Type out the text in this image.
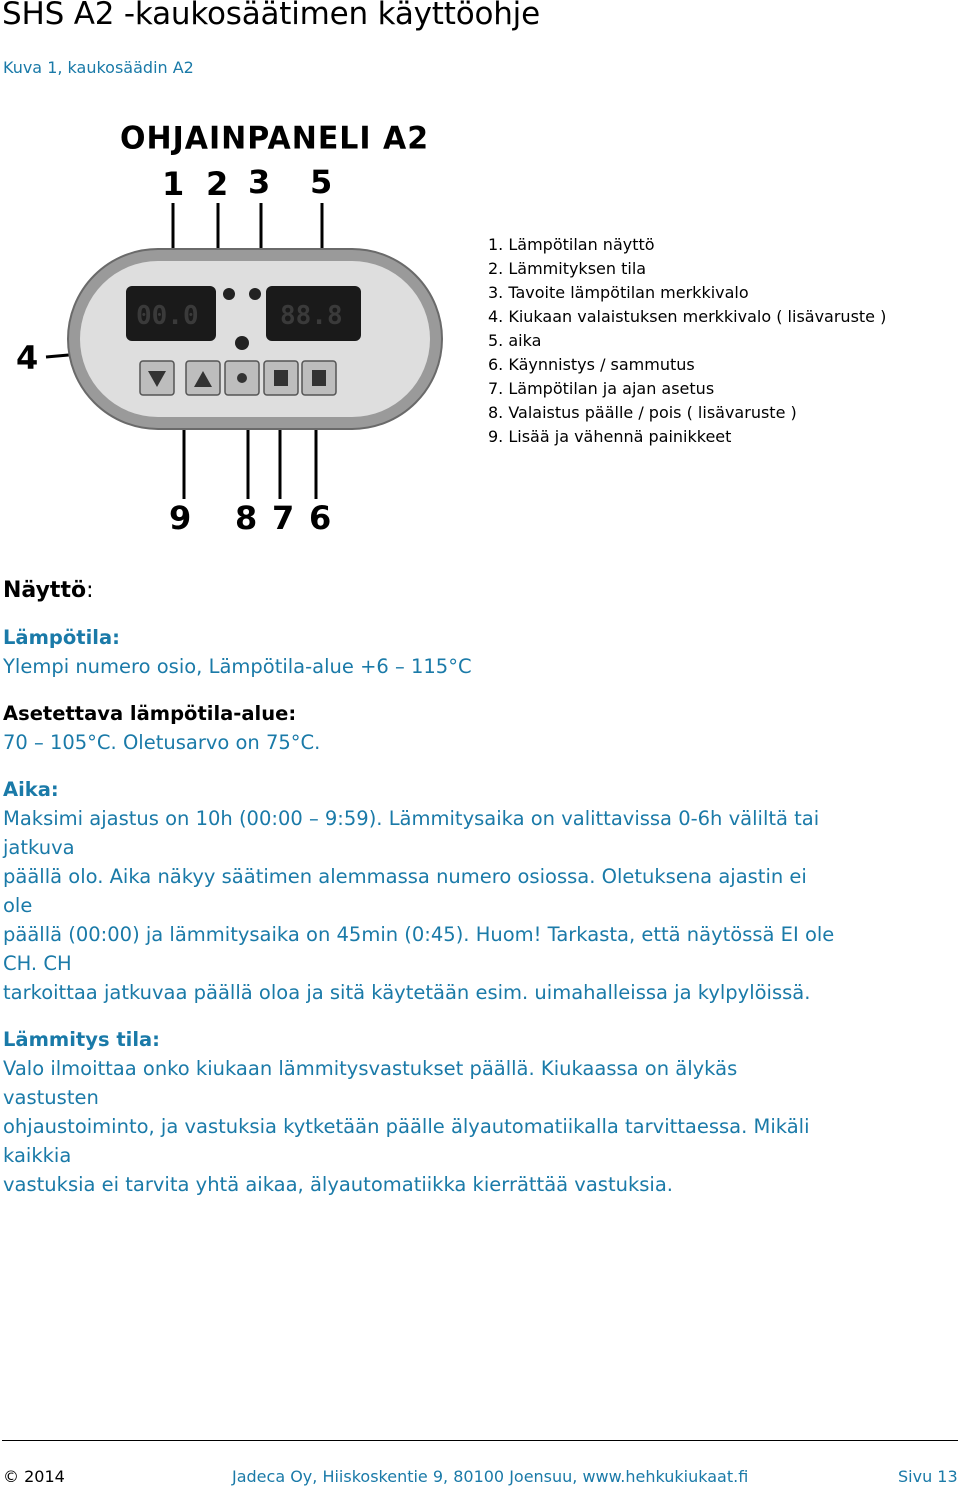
SHS A2 -kaukosäätimen käyttöohje
Kuva 1, kaukosäädin A2
OHJAINPANELI A2
1 2 3 5
4
9 8 7 6
00.0	88.8
1. Lämpötilan näyttö
2. Lämmityksen tila
3. Tavoite lämpötilan merkkivalo
4. Kiukaan valaistuksen merkkivalo ( lisävaruste )
5. aika
6. Käynnistys / sammutus
7. Lämpötilan ja ajan asetus
8. Valaistus päälle / pois ( lisävaruste )
9. Lisää ja vähennä painikkeet

Näyttö:

Lämpötila:

Ylempi numero osio, Lämpötila-alue +6 – 115°C

Asetettava lämpötila-alue:

70 – 105°C. Oletusarvo on 75°C.

Aika:

Maksimi ajastus on 10h (00:00 – 9:59). Lämmitysaika on valittavissa 0-6h väliltä tai

jatkuva

päällä olo. Aika näkyy säätimen alemmassa numero osiossa. Oletuksena ajastin ei

ole

päällä (00:00) ja lämmitysaika on 45min (0:45). Huom! Tarkasta, että näytössä EI ole

CH. CH

tarkoittaa jatkuvaa päällä oloa ja sitä käytetään esim. uimahalleissa ja kylpylöissä.

Lämmitys tila:

Valo ilmoittaa onko kiukaan lämmitysvastukset päällä. Kiukaassa on älykäs

vastusten

ohjaustoiminto, ja vastuksia kytketään päälle älyautomatiikalla tarvittaessa. Mikäli

kaikkia

vastuksia ei tarvita yhtä aikaa, älyautomatiikka kierrättää vastuksia.

© 2014	Jadeca Oy, Hiiskoskentie 9, 80100 Joensuu, www.hehkukiukaat.fi	Sivu 13
